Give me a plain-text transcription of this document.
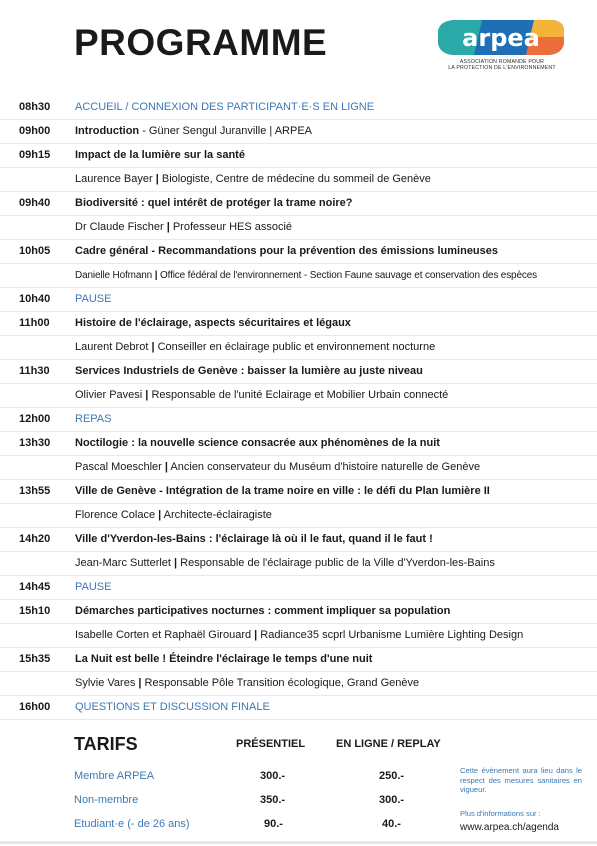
PROGRAMME	arpea
ASSOCIATION ROMANDE POUR
LA PROTECTION DE L'ENVIRONNEMENT
08h30 ACCUEIL / CONNEXION DES PARTICIPANT·E·S EN LIGNE
09h00 Introduction - Güner Sengul Juranville | ARPEA
09h15 Impact de la lumière sur la santé
Laurence Bayer | Biologiste, Centre de médecine du sommeil de Genève
09h40 Biodiversité : quel intérêt de protéger la trame noire?
Dr Claude Fischer | Professeur HES associé
10h05 Cadre général - Recommandations pour la prévention des émissions lumineuses
Danielle Hofmann | Office fédéral de l'environnement - Section Faune sauvage et conservation des espèces
10h40 PAUSE
11h00 Histoire de l'éclairage, aspects sécuritaires et légaux
Laurent Debrot | Conseiller en éclairage public et environnement nocturne
11h30 Services Industriels de Genève : baisser la lumière au juste niveau
Olivier Pavesi | Responsable de l'unité Eclairage et Mobilier Urbain connecté
12h00 REPAS
13h30 Noctilogie : la nouvelle science consacrée aux phénomènes de la nuit
Pascal Moeschler | Ancien conservateur du Muséum d'histoire naturelle de Genève
13h55 Ville de Genève - Intégration de la trame noire en ville : le défi du Plan lumière II
Florence Colace | Architecte-éclairagiste
14h20 Ville d'Yverdon-les-Bains : l'éclairage là où il le faut, quand il le faut !
Jean-Marc Sutterlet | Responsable de l'éclairage public de la Ville d'Yverdon-les-Bains
14h45 PAUSE
15h10 Démarches participatives nocturnes : comment impliquer sa population
Isabelle Corten et Raphaël Girouard | Radiance35 scprl Urbanisme Lumière Lighting Design
15h35 La Nuit est belle ! Éteindre l'éclairage le temps d'une nuit
Sylvie Vares | Responsable Pôle Transition écologique, Grand Genève
16h00 QUESTIONS ET DISCUSSION FINALE
TARIFS	PRÉSENTIEL	EN LIGNE / REPLAY
Membre ARPEA	300.-	250.-
Non-membre	350.-	300.-
Etudiant·e (- de 26 ans)	90.-	40.-
Cette évènement aura lieu dans le respect des mesures sanitaires en vigueur.
Plus d'informations sur :
www.arpea.ch/agenda
